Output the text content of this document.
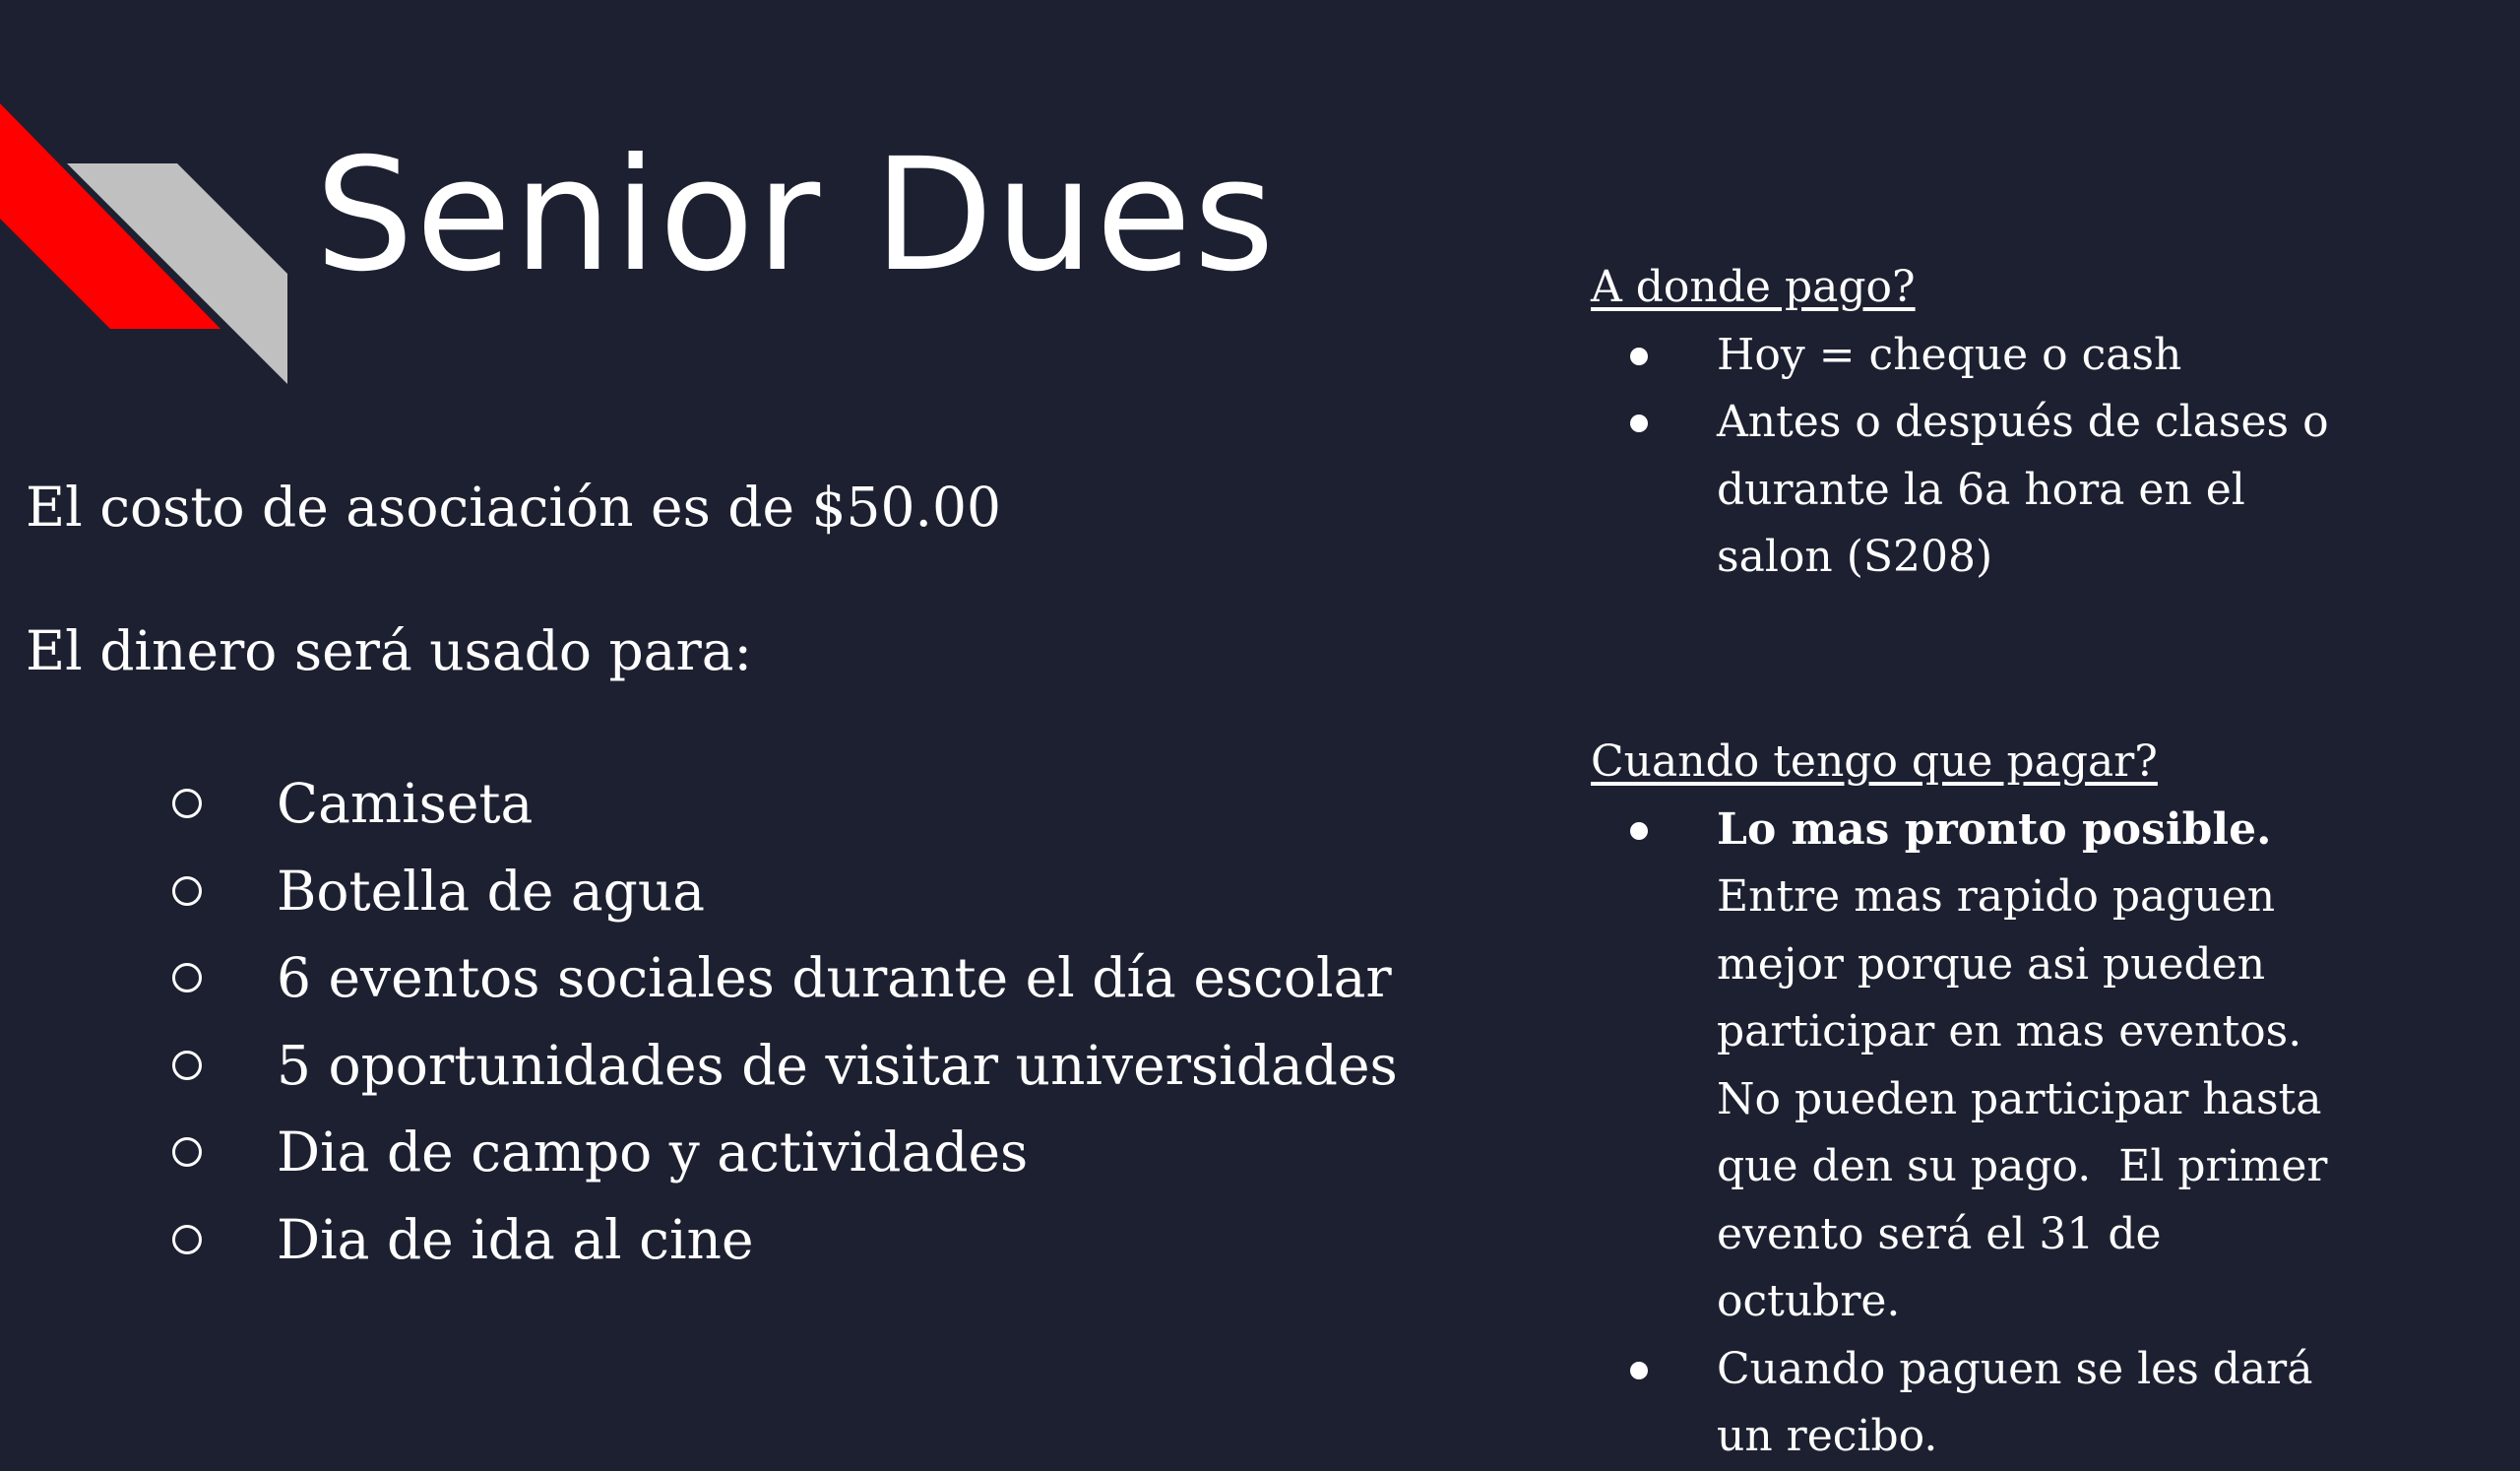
Senior Dues
El costo de asociación es de $50.00
El dinero será usado para:
Camiseta
Botella de agua
6 eventos sociales durante el día escolar
5 oportunidades de visitar universidades
Dia de campo y actividades
Dia de ida al cine
A donde pago?
Hoy = cheque o cash
Antes o después de clases o durante la 6a hora en el salon (S208)
Cuando tengo que pagar?
Lo mas pronto posible.  Entre mas rapido paguen mejor porque asi pueden participar en mas eventos. No pueden participar hasta que den su pago.  El primer evento será el 31 de octubre.
Cuando paguen se les dará un recibo.
